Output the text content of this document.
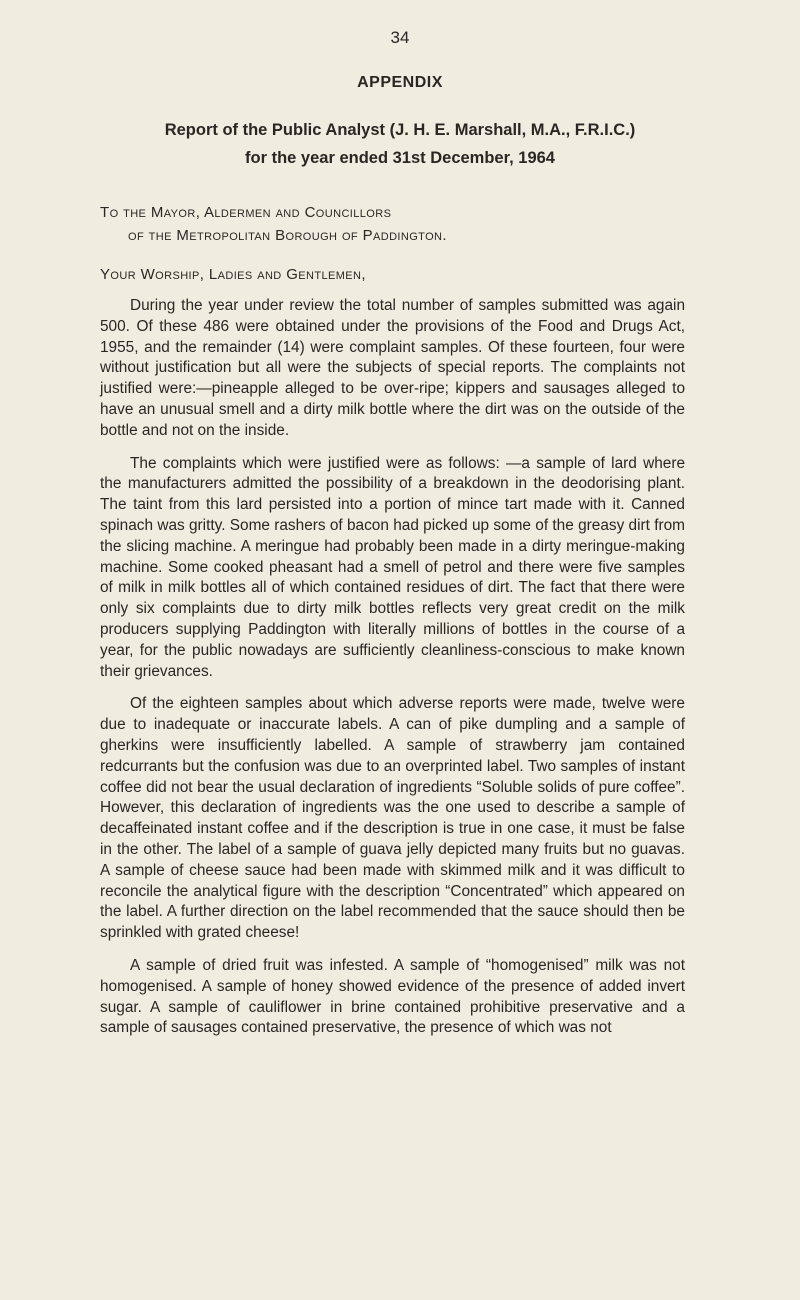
34
APPENDIX
Report of the Public Analyst (J. H. E. Marshall, M.A., F.R.I.C.)
for the year ended 31st December, 1964
To the Mayor, Aldermen and Councillors
of the Metropolitan Borough of Paddington.
Your Worship, Ladies and Gentlemen,

During the year under review the total number of samples submitted was again 500. Of these 486 were obtained under the provisions of the Food and Drugs Act, 1955, and the remainder (14) were complaint samples. Of these fourteen, four were without justification but all were the subjects of special reports. The complaints not justified were:—pineapple alleged to be over-ripe; kippers and sausages alleged to have an unusual smell and a dirty milk bottle where the dirt was on the outside of the bottle and not on the inside.

The complaints which were justified were as follows: —a sample of lard where the manufacturers admitted the possibility of a breakdown in the deodorising plant. The taint from this lard persisted into a portion of mince tart made with it. Canned spinach was gritty. Some rashers of bacon had picked up some of the greasy dirt from the slicing machine. A meringue had probably been made in a dirty meringue-making machine. Some cooked pheasant had a smell of petrol and there were five samples of milk in milk bottles all of which contained residues of dirt. The fact that there were only six complaints due to dirty milk bottles reflects very great credit on the milk producers supplying Paddington with literally millions of bottles in the course of a year, for the public nowadays are sufficiently cleanliness-conscious to make known their grievances.

Of the eighteen samples about which adverse reports were made, twelve were due to inadequate or inaccurate labels. A can of pike dumpling and a sample of gherkins were insufficiently labelled. A sample of strawberry jam contained redcurrants but the confusion was due to an overprinted label. Two samples of instant coffee did not bear the usual declaration of ingredients “Soluble solids of pure coffee”. However, this declaration of ingredients was the one used to describe a sample of decaffeinated instant coffee and if the description is true in one case, it must be false in the other. The label of a sample of guava jelly depicted many fruits but no guavas. A sample of cheese sauce had been made with skimmed milk and it was difficult to reconcile the analytical figure with the description “Concentrated” which appeared on the label. A further direction on the label recommended that the sauce should then be sprinkled with grated cheese!

A sample of dried fruit was infested. A sample of “homogenised” milk was not homogenised. A sample of honey showed evidence of the presence of added invert sugar. A sample of cauliflower in brine contained prohibitive preservative and a sample of sausages contained preservative, the presence of which was not
